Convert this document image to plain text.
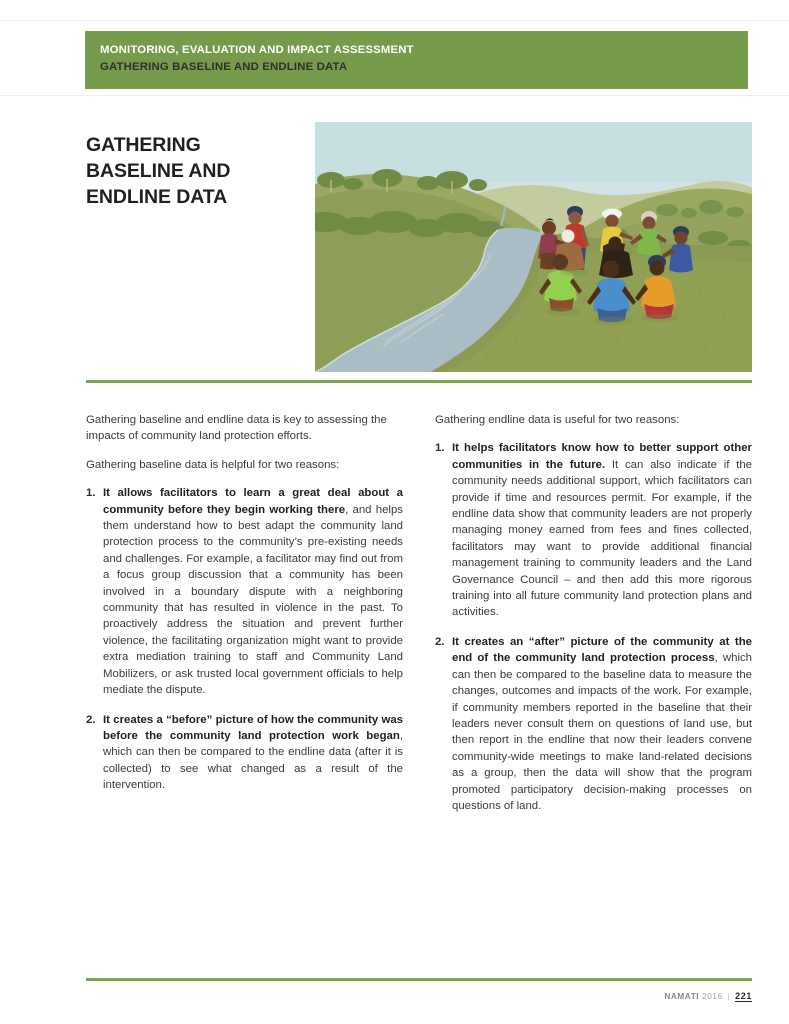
MONITORING, EVALUATION AND IMPACT ASSESSMENT
GATHERING BASELINE AND ENDLINE DATA
GATHERING BASELINE AND ENDLINE DATA

Gathering baseline and endline data is key to assessing the impacts of community land protection efforts.

Gathering baseline data is helpful for two reasons:

It allows facilitators to learn a great deal about a community before they begin working there, and helps them understand how to best adapt the community land protection process to the community’s pre-existing needs and challenges. For example, a facilitator may find out from a focus group discussion that a community has been involved in a boundary dispute with a neighboring community that has resulted in violence in the past. To proactively address the situation and prevent further violence, the facilitating organization might want to provide extra mediation training to staff and Community Land Mobilizers, or ask trusted local government officials to help mediate the dispute.
It creates a “before” picture of how the community was before the community land protection work began, which can then be compared to the endline data (after it is collected) to see what changed as a result of the intervention.

Gathering endline data is useful for two reasons:

It helps facilitators know how to better support other communities in the future. It can also indicate if the community needs additional support, which facilitators can provide if time and resources permit. For example, if the endline data show that community leaders are not properly managing money earned from fees and fines collected, facilitators may want to provide additional financial management training to community leaders and the Land Governance Council – and then add this more rigorous training into all future community land protection plans and activities.
It creates an “after” picture of the community at the end of the community land protection process, which can then be compared to the baseline data to measure the changes, outcomes and impacts of the work. For example, if community members reported in the baseline that their leaders never consult them on questions of land use, but then report in the endline that now their leaders convene community-wide meetings to make land-related decisions as a group, then the data will show that the program promoted participatory decision-making processes on questions of land.
NAMATI 2016 | 221
